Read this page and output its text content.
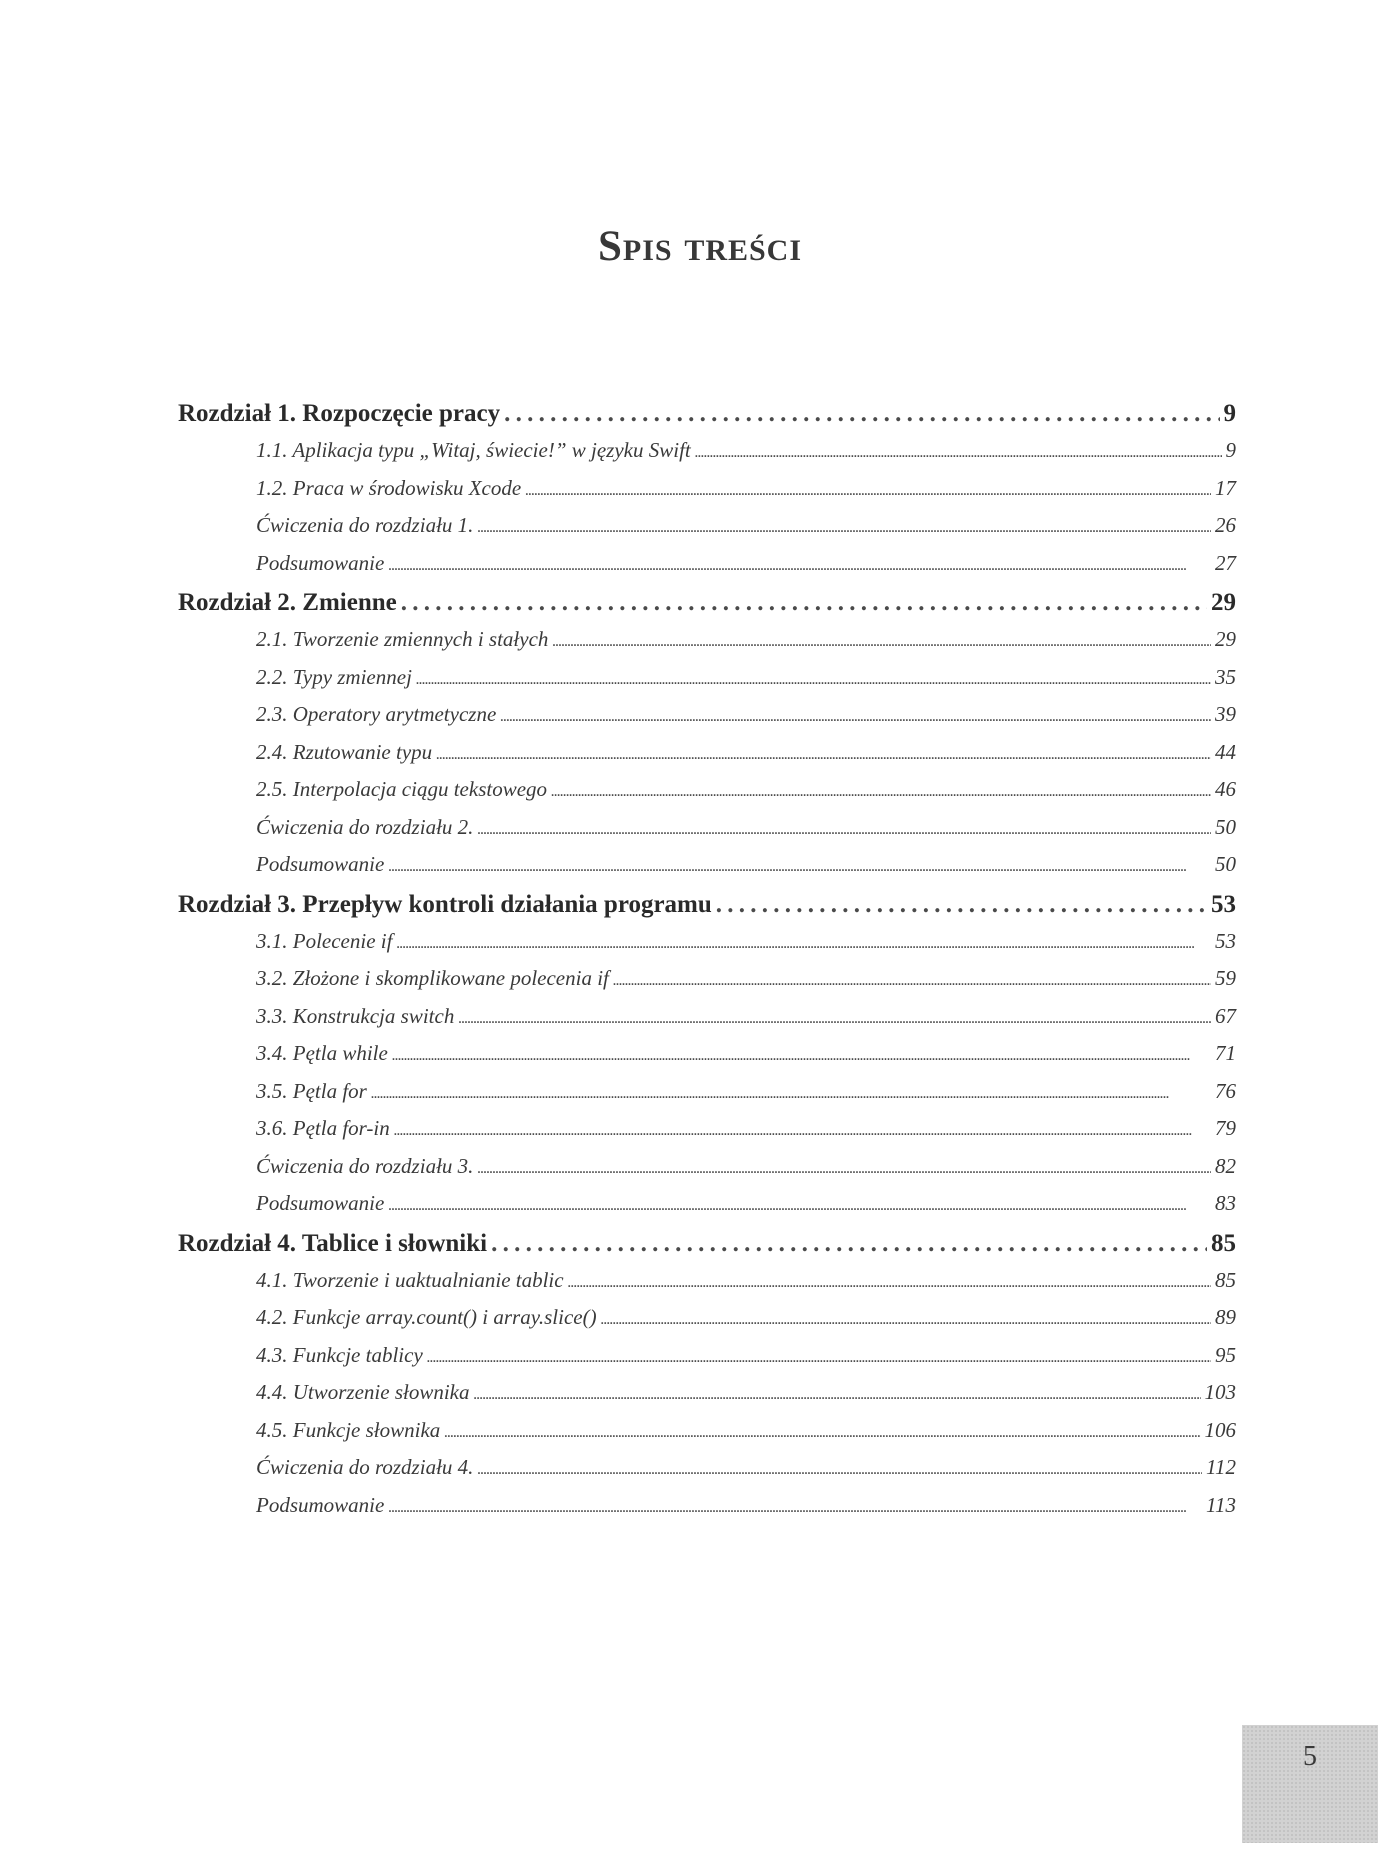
Spis treści
Rozdział 1. Rozpoczęcie pracy . . .	9
1.1. Aplikacja typu „Witaj, świecie!” w języku Swift . . .	9
1.2. Praca w środowisku Xcode . . .	17
Ćwiczenia do rozdziału 1. . . .	26
Podsumowanie . . .	27
Rozdział 2. Zmienne . . .	29
2.1. Tworzenie zmiennych i stałych . . .	29
2.2. Typy zmiennej . . .	35
2.3. Operatory arytmetyczne . . .	39
2.4. Rzutowanie typu . . .	44
2.5. Interpolacja ciągu tekstowego . . .	46
Ćwiczenia do rozdziału 2. . . .	50
Podsumowanie . . .	50
Rozdział 3. Przepływ kontroli działania programu . . .	53
3.1. Polecenie if . . .	53
3.2. Złożone i skomplikowane polecenia if . . .	59
3.3. Konstrukcja switch . . .	67
3.4. Pętla while . . .	71
3.5. Pętla for . . .	76
3.6. Pętla for-in . . .	79
Ćwiczenia do rozdziału 3. . . .	82
Podsumowanie . . .	83
Rozdział 4. Tablice i słowniki . . .	85
4.1. Tworzenie i uaktualnianie tablic . . .	85
4.2. Funkcje array.count() i array.slice() . . .	89
4.3. Funkcje tablicy . . .	95
4.4. Utworzenie słownika . . .	103
4.5. Funkcje słownika . . .	106
Ćwiczenia do rozdziału 4. . . .	112
Podsumowanie . . .	113
5
